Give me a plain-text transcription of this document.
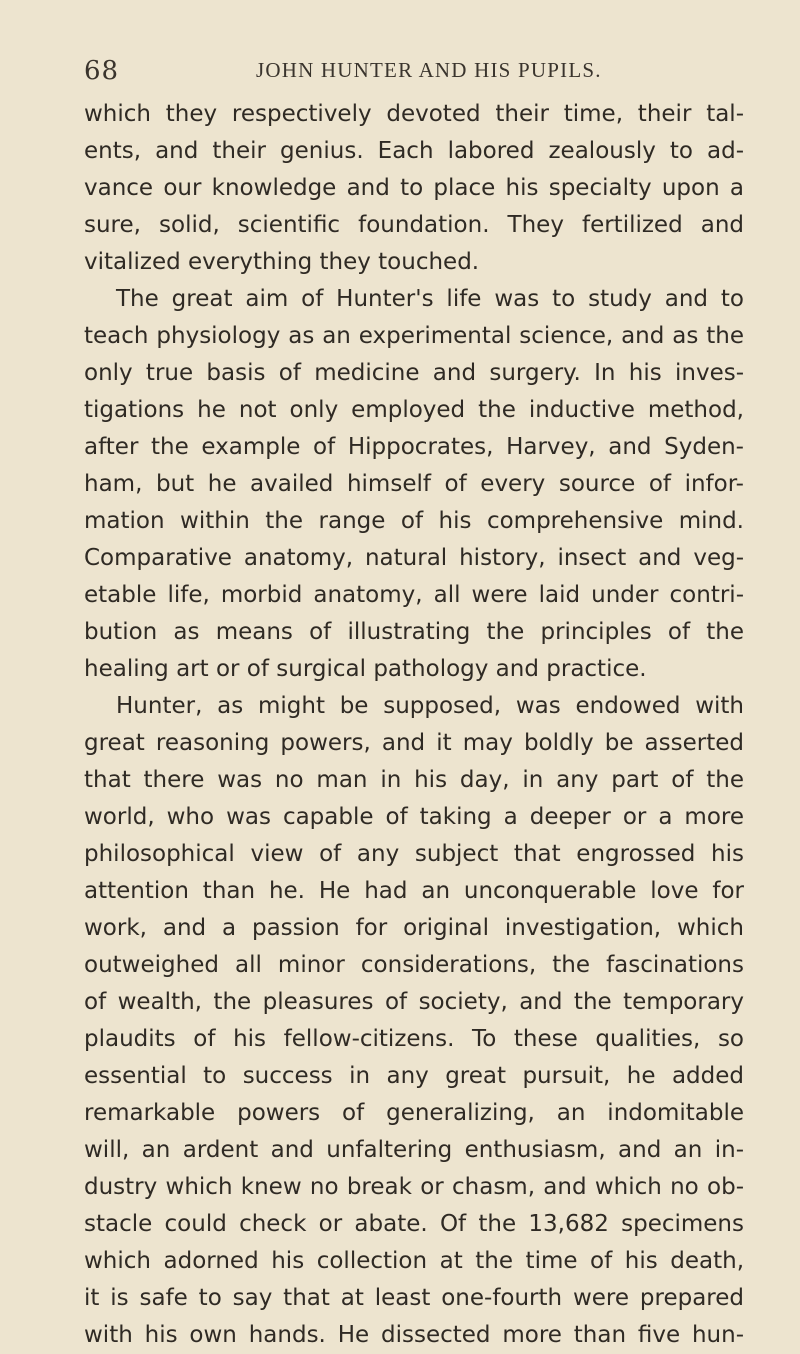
68	JOHN HUNTER AND HIS PUPILS.
which they respectively devoted their time, their tal-
ents, and their genius. Each labored zealously to ad-
vance our knowledge and to place his specialty upon a
sure, solid, scientific foundation. They fertilized and
vitalized everything they touched.
The great aim of Hunter's life was to study and to
teach physiology as an experimental science, and as the
only true basis of medicine and surgery. In his inves-
tigations he not only employed the inductive method,
after the example of Hippocrates, Harvey, and Syden-
ham, but he availed himself of every source of infor-
mation within the range of his comprehensive mind.
Comparative anatomy, natural history, insect and veg-
etable life, morbid anatomy, all were laid under contri-
bution as means of illustrating the principles of the
healing art or of surgical pathology and practice.
Hunter, as might be supposed, was endowed with
great reasoning powers, and it may boldly be asserted
that there was no man in his day, in any part of the
world, who was capable of taking a deeper or a more
philosophical view of any subject that engrossed his
attention than he. He had an unconquerable love for
work, and a passion for original investigation, which
outweighed all minor considerations, the fascinations
of wealth, the pleasures of society, and the temporary
plaudits of his fellow-citizens. To these qualities, so
essential to success in any great pursuit, he added
remarkable powers of generalizing, an indomitable
will, an ardent and unfaltering enthusiasm, and an in-
dustry which knew no break or chasm, and which no ob-
stacle could check or abate. Of the 13,682 specimens
which adorned his collection at the time of his death,
it is safe to say that at least one-fourth were prepared
with his own hands. He dissected more than five hun-
